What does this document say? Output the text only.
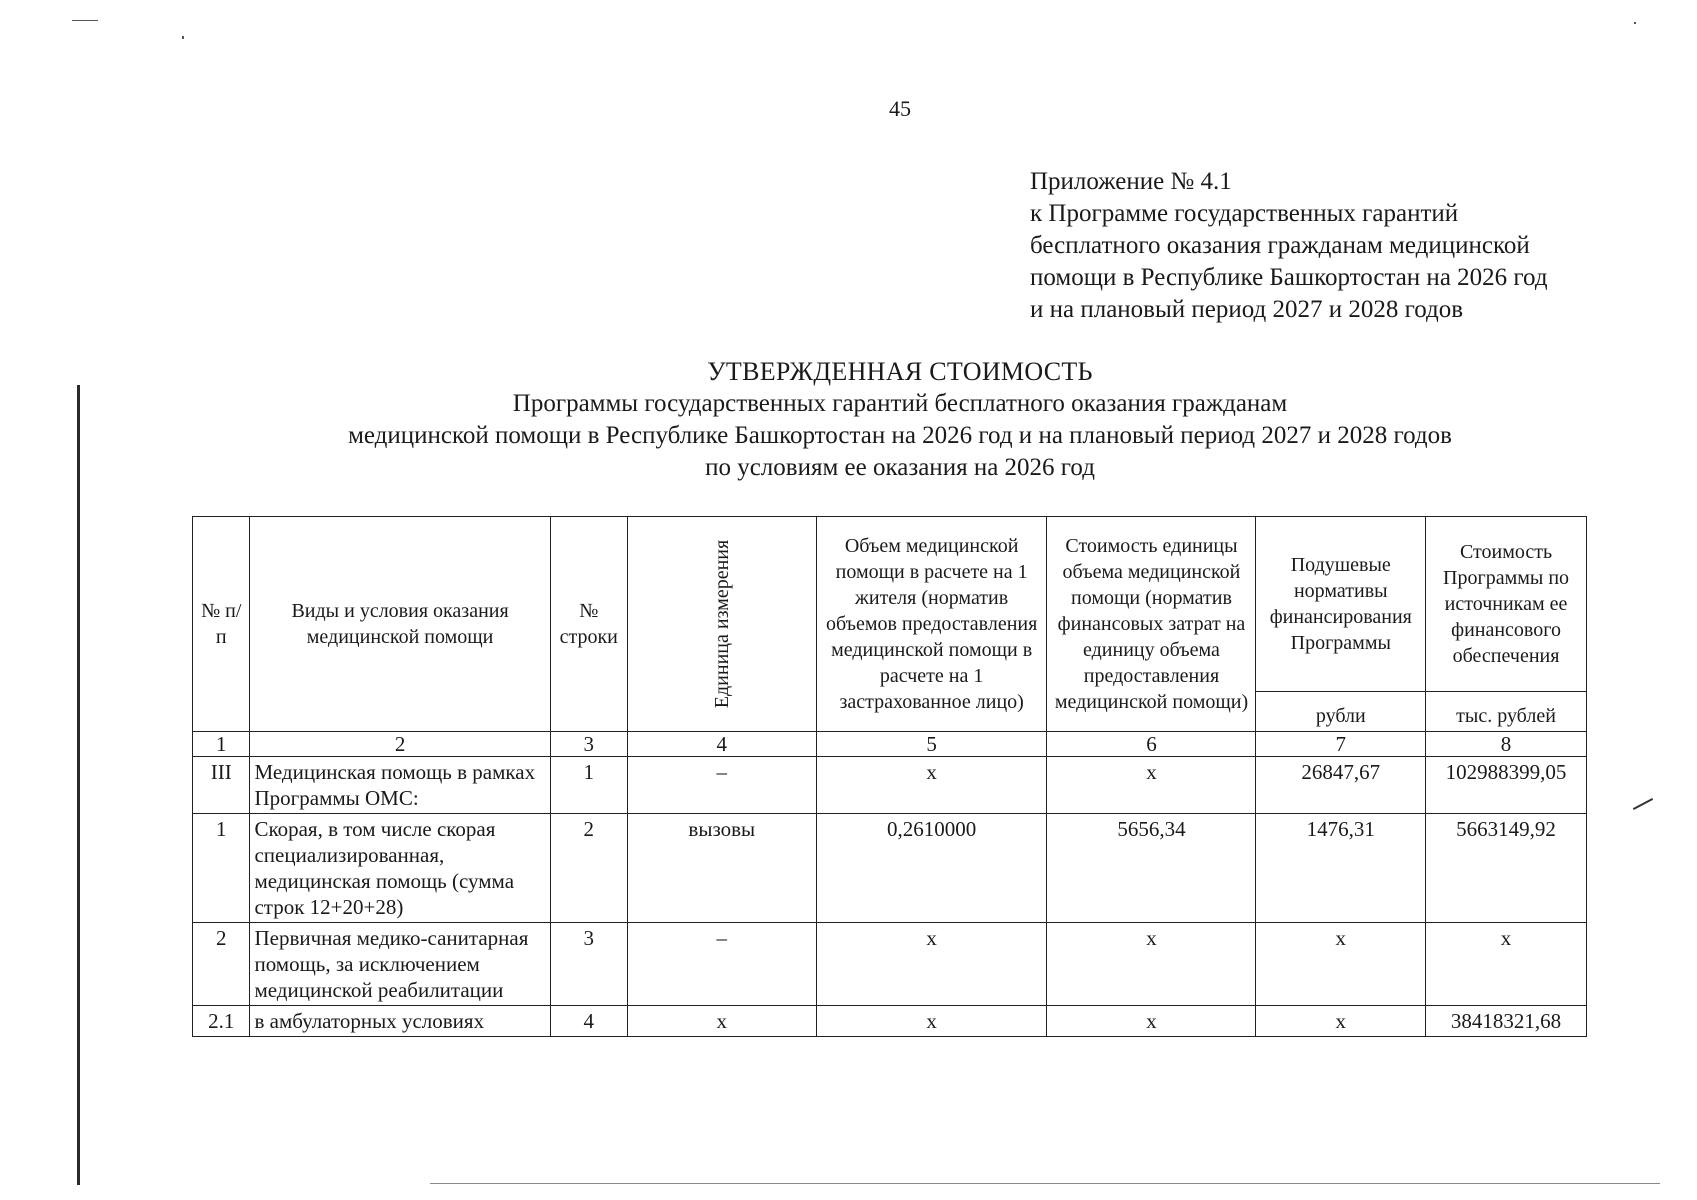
45
Приложение № 4.1
к Программе государственных гарантий
бесплатного оказания гражданам медицинской
помощи в Республике Башкортостан на 2026 год
и на плановый период 2027 и 2028 годов
УТВЕРЖДЕННАЯ СТОИМОСТЬ
Программы государственных гарантий бесплатного оказания гражданам
медицинской помощи в Республике Башкортостан на 2026 год и на плановый период 2027 и 2028 годов
по условиям ее оказания на 2026 год
№ п/п	Виды и условия оказания медицинской помощи	№ строки	Единица измерения	Объем медицинской помощи в расчете на 1 жителя (норматив объемов предоставления медицинской помощи в расчете на 1 застрахованное лицо)	Стоимость единицы объема медицинской помощи (норматив финансовых затрат на единицу объема предоставления медицинской помощи)	Подушевые нормативы финансирования Программы	Стоимость Программы по источникам ее финансового обеспечения
						рубли	тыс. рублей
1	2	3	4	5	6	7	8
III	Медицинская помощь в рамках Программы ОМС:	1	–	х	х	26847,67	102988399,05
1	Скорая, в том числе скорая специализированная, медицинская помощь (сумма строк 12+20+28)	2	вызовы	0,2610000	5656,34	1476,31	5663149,92
2	Первичная медико-санитарная помощь, за исключением медицинской реабилитации	3	–	х	х	х	х
2.1	в амбулаторных условиях	4	х	х	х	х	38418321,68
